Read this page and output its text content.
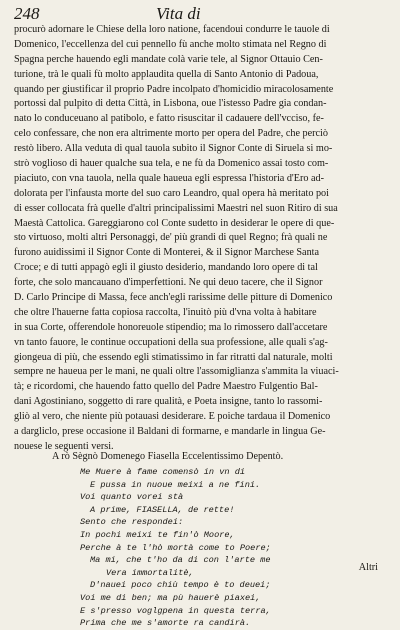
248	Vita di
procurò adornare le Chiese della loro natione, facendoui condurre le tauole di
Domenico, l'eccellenza del cui pennello fù anche molto stimata nel Regno di
Spagna perche hauendo egli mandate colà varie tele, al Signor Ottauio Cen-
turione, trà le quali fù molto applaudita quella di Santo Antonio di Padoua,
quando per giustificar il proprio Padre incolpato d'homicidio miracolosamente
portossi dal pulpito di detta Città, in Lisbona, oue l'istesso Padre gia condan-
nato lo conduceuano al patibolo, e fatto risuscitar il cadauere dell'vcciso, fe-
celo confessare, che non era altrimente morto per opera del Padre, che perciò
restò libero. Alla veduta di qual tauola subito il Signor Conte di Siruela si mo-
strò voglioso di hauer qualche sua tela, e ne fù da Domenico assai tosto com-
piaciuto, con vna tauola, nella quale haueua egli espressa l'historia d'Ero ad-
dolorata per l'infausta morte del suo caro Leandro, qual opera hà meritato poi
di esser collocata frà quelle d'altri principalissimi Maestri nel suon Ritiro di sua
Maestà Cattolica. Gareggiarono col Conte sudetto in desiderar le opere di que-
sto virtuoso, molti altri Personaggi, de' più grandi di quel Regno; frà quali ne
furono auidissimi il Signor Conte di Monterei, & il Signor Marchese Santa
Croce; e di tutti appagò egli il giusto desiderio, mandando loro opere di tal
forte, che solo mancauano d'imperfettioni. Ne qui deuo tacere, che il Signor
D. Carlo Principe di Massa, fece anch'egli rarissime delle pitture di Domenico
che oltre l'hauerne fatta copiosa raccolta, l'inuitò più d'vna volta à habitare
in sua Corte, offerendole honoreuole stipendio; ma lo rimossero dall'accetare
vn tanto fauore, le continue occupationi della sua professione, alle quali s'ag-
giongeua di più, che essendo egli stimatissimo in far ritratti dal naturale, molti
sempre ne haueua per le mani, ne quali oltre l'assomiglianza s'ammita la viuaci-
tà; e ricordomi, che hauendo fatto quello del Padre Maestro Fulgentio Bal-
dani Agostiniano, soggetto di rare qualità, e Poeta insigne, tanto lo rassomi-
gliò al vero, che niente più potauasi desiderare. E poiche tardaua il Domenico
a dargliclo, prese occasione il Baldani di formarne, e mandarle in lingua Ge-
nouese le seguenti versi.
A rò Sègnò Domenego Fiasella Eccelentissimo Depentò.
Me Muere à fame comensò in vn di
E pussa in nuoue meixi a ne fini.
Voi quanto vorei stà
A prime, FIASELLA, de rette!
Sento che respondei:
In pochi meixi te fin'ò Moore,
Perche à te l'hò mortà come to Poere;
Ma mi, che t'ho da di con l'arte me
Vera immortalitè,
D'nauei poco chiù tempo è to deuei;
Voi me di ben; ma pù hauerè piaxei,
E s'presso voglgpena in questa terra,
Prima che me s'amorte ra candirà.
Altri
